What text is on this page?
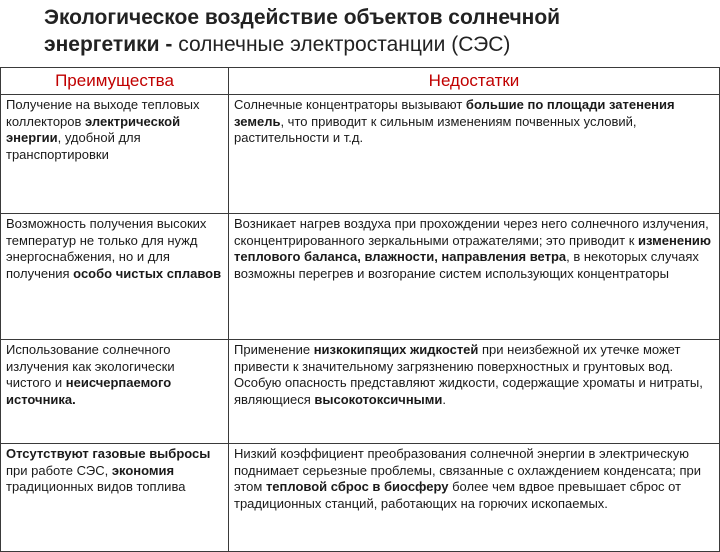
Экологическое воздействие объектов солнечной
энергетики - солнечные электростанции (СЭС)
Преимущества	Недостатки
Получение на выходе тепловых коллекторов электрической энергии, удобной для транспортировки	Солнечные концентраторы вызывают большие по площади затенения земель, что приводит к сильным изменениям почвенных условий, растительности и т.д.
Возможность получения высоких температур не только для нужд энергоснабжения, но и для получения особо чистых сплавов	Возникает нагрев воздуха при прохождении через него солнечного излучения, сконцентрированного зеркальными отражателями; это приводит к изменению теплового баланса, влажности, направления ветра, в некоторых случаях возможны перегрев и возгорание систем использующих концентраторы
Использование солнечного излучения как экологически чистого и неисчерпаемого источника.	Применение низкокипящих жидкостей при неизбежной их утечке может привести к значительному загрязнению поверхностных и грунтовых вод. Особую опасность представляют жидкости, содержащие хроматы и нитраты, являющиеся высокотоксичными.
Отсутствуют газовые выбросы при работе СЭС, экономия традиционных видов топлива	Низкий коэффициент преобразования солнечной энергии в электрическую поднимает серьезные проблемы, связанные с охлаждением конденсата; при этом тепловой сброс в биосферу более чем вдвое превышает сброс от традиционных станций, работающих на горючих ископаемых.
